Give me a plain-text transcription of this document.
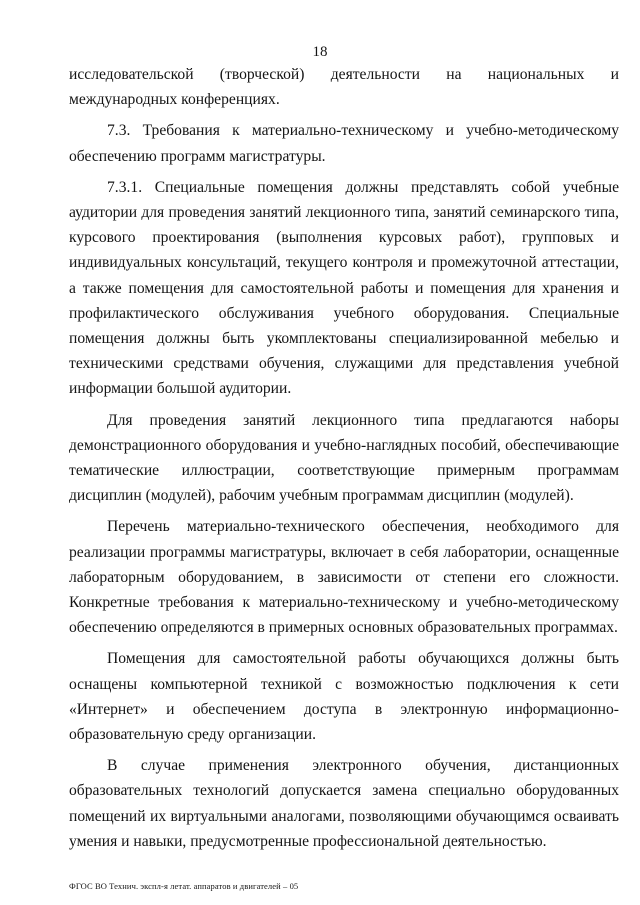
18

исследовательской (творческой) деятельности на национальных и международных конференциях.

7.3. Требования к материально-техническому и учебно-методическому обеспечению программ магистратуры.

7.3.1. Специальные помещения должны представлять собой учебные аудитории для проведения занятий лекционного типа, занятий семинарского типа, курсового проектирования (выполнения курсовых работ), групповых и индивидуальных консультаций, текущего контроля и промежуточной аттестации, а также помещения для самостоятельной работы и помещения для хранения и профилактического обслуживания учебного оборудования. Специальные помещения должны быть укомплектованы специализированной мебелью и техническими средствами обучения, служащими для представления учебной информации большой аудитории.

Для проведения занятий лекционного типа предлагаются наборы демонстрационного оборудования и учебно-наглядных пособий, обеспечивающие тематические иллюстрации, соответствующие примерным программам дисциплин (модулей), рабочим учебным программам дисциплин (модулей).

Перечень материально-технического обеспечения, необходимого для реализации программы магистратуры, включает в себя лаборатории, оснащенные лабораторным оборудованием, в зависимости от степени его сложности. Конкретные требования к материально-техническому и учебно-методическому обеспечению определяются в примерных основных образовательных программах.

Помещения для самостоятельной работы обучающихся должны быть оснащены компьютерной техникой с возможностью подключения к сети «Интернет» и обеспечением доступа в электронную информационно-образовательную среду организации.

В случае применения электронного обучения, дистанционных образовательных технологий допускается замена специально оборудованных помещений их виртуальными аналогами, позволяющими обучающимся осваивать умения и навыки, предусмотренные профессиональной деятельностью.

ФГОС ВО Технич. экспл-я летат. аппаратов и двигателей – 05
